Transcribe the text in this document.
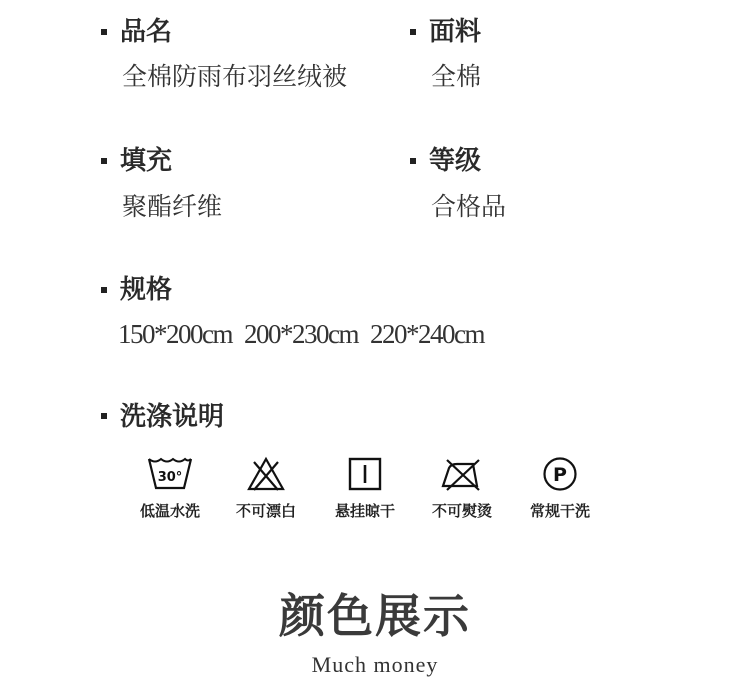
品名
全棉防雨布羽丝绒被
面料
全棉
填充
聚酯纤维
等级
合格品
规格
150*200cm 200*230cm 220*240cm
洗涤说明
30°
低温水洗	不可漂白	悬挂晾干	不可熨烫
P
常规干洗
颜色展示
Much money
